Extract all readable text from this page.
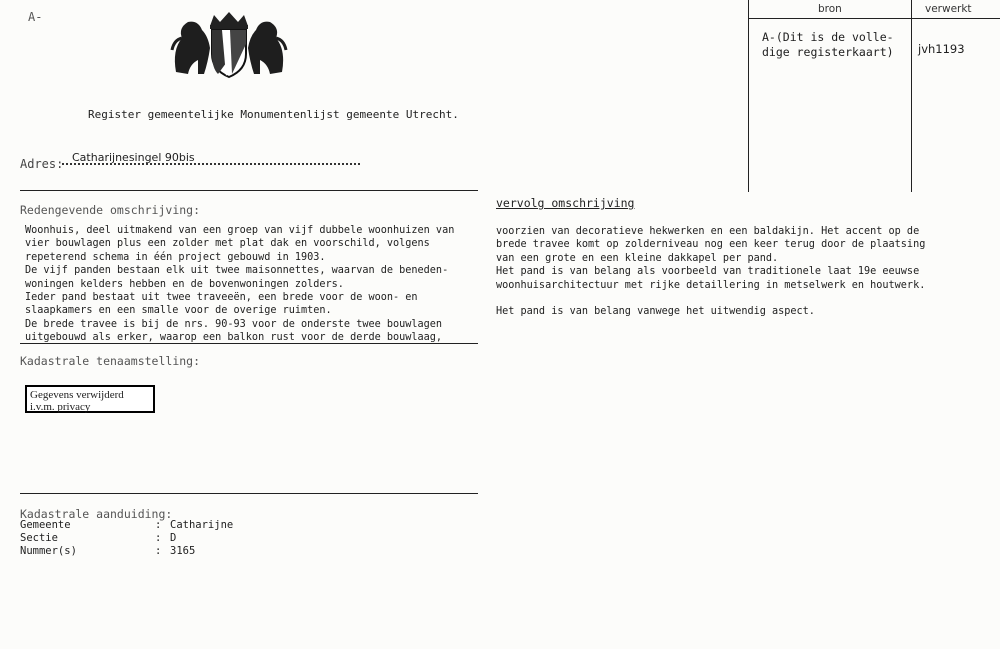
A-
Register gemeentelijke Monumentenlijst gemeente Utrecht.
Adres: Catharijnesingel 90bis
bron	verwerkt
A-(Dit is de volle-
dige registerkaart) jvh1193
Redengevende omschrijving:
Woonhuis, deel uitmakend van een groep van vijf dubbele woonhuizen van
vier bouwlagen plus een zolder met plat dak en voorschild, volgens
repeterend schema in één project gebouwd in 1903.
De vijf panden bestaan elk uit twee maisonnettes, waarvan de beneden-
woningen kelders hebben en de bovenwoningen zolders.
Ieder pand bestaat uit twee traveeën, een brede voor de woon- en
slaapkamers en een smalle voor de overige ruimten.
De brede travee is bij de nrs. 90-93 voor de onderste twee bouwlagen
uitgebouwd als erker, waarop een balkon rust voor de derde bouwlaag,
Kadastrale tenaamstelling:
Gegevens verwijderd i.v.m. privacy
Kadastrale aanduiding:
Gemeente	: Catharijne
Sectie	: D
Nummer(s)	: 3165
vervolg omschrijving
voorzien van decoratieve hekwerken en een baldakijn. Het accent op de
brede travee komt op zolderniveau nog een keer terug door de plaatsing
van een grote en een kleine dakkapel per pand.
Het pand is van belang als voorbeeld van traditionele laat 19e eeuwse
woonhuisarchitectuur met rijke detaillering in metselwerk en houtwerk.

Het pand is van belang vanwege het uitwendig aspect.
